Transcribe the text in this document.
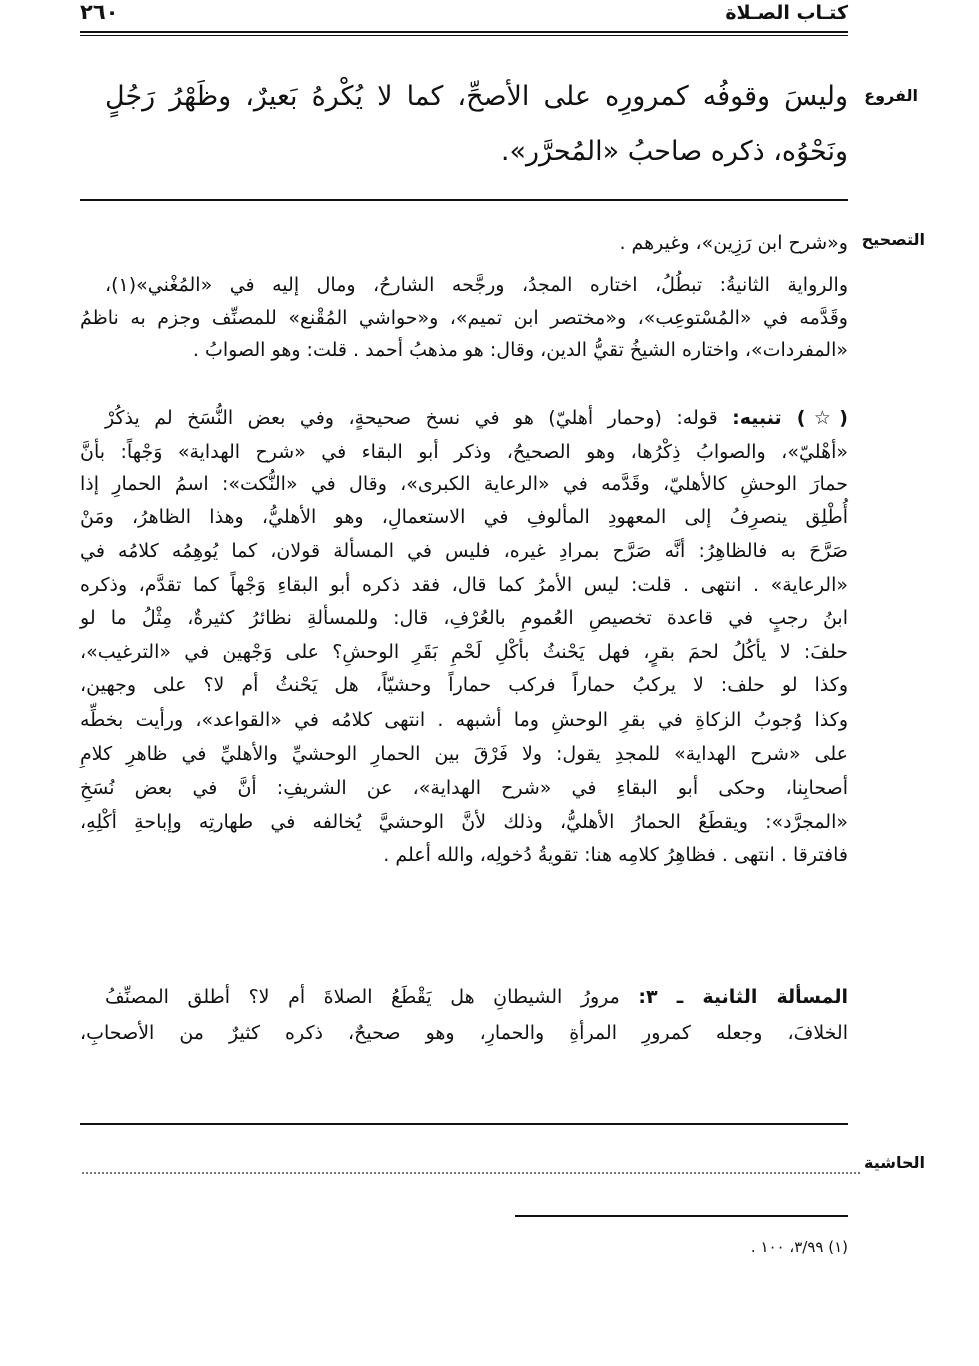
٢٦٠	كتـاب الصـلاة
الفروع
وليسَ وقوفُه كمرورِه على الأصحِّ، كما لا يُكْرهُ بَعيرٌ، وظَهْرُ رَجُلٍ
ونَحْوُه، ذكره صاحبُ «المُحرَّر».
التصحيح
و«شرح ابن رَزِين»، وغيرهم .
والرواية الثانيةُ: تبطُلُ، اختاره المجدُ، ورجَّحه الشارحُ، ومال إليه في «المُغْني»(١)،
وقَدَّمه في «المُسْتوعِب»، و«مختصر ابن تميم»، و«حواشي المُقْنع» للمصنِّف وجزم به ناظمُ
«المفردات»، واختاره الشيخُ تقيُّ الدين، وقال: هو مذهبُ أحمد . قلت: وهو الصوابُ .
(☆) تنبيه: قوله: (وحمار أهليّ) هو في نسخ صحيحةٍ، وفي بعض النُّسَخ لم يذكُرْ
«أهْليّ»، والصوابُ ذِكْرُها، وهو الصحيحُ، وذكر أبو البقاء في «شرح الهداية» وَجْهاً: بأنَّ
حمارَ الوحشِ كالأهليّ، وقَدَّمه في «الرعاية الكبرى»، وقال في «النُّكت»: اسمُ الحمارِ إذا
أُطْلِق ينصرِفُ إلى المعهودِ المألوفِ في الاستعمالِ، وهو الأهليُّ، وهذا الظاهرُ، ومَنْ
صَرَّحَ به فالظاهِرُ: أنَّه صَرَّح بمرادِ غيره، فليس في المسألة قولان، كما يُوهِمُه كلامُه في
«الرعاية» . انتهى . قلت: ليس الأمرُ كما قال، فقد ذكره أبو البقاءِ وَجْهاً كما تقدَّم، وذكره
ابنُ رجبٍ في قاعدة تخصيصِ العُمومِ بالعُرْفِ، قال: وللمسألةِ نظائرُ كثيرةٌ، مِثْلُ ما لو
حلفَ: لا يأكُلُ لحمَ بقرٍ، فهل يَحْنثُ بأكْلِ لَحْمِ بَقَرِ الوحشِ؟ على وَجْهين في «الترغيب»،
وكذا لو حلف: لا يركبُ حماراً فركب حماراً وحشيّاً، هل يَحْنثُ أم لا؟ على وجهين،
وكذا وُجوبُ الزكاةِ في بقرِ الوحشِ وما أشبهه . انتهى كلامُه في «القواعد»، ورأيت بخطِّه
على «شرح الهداية» للمجدِ يقول: ولا فَرْقَ بين الحمارِ الوحشيِّ والأهليِّ في ظاهرِ كلامِ
أصحابِنا، وحكى أبو البقاءِ في «شرح الهداية»، عن الشريفِ: أنَّ في بعض نُسَخِ
«المجرَّد»: ويقطَعُ الحمارُ الأهليُّ، وذلك لأنَّ الوحشيَّ يُخالفه في طهارتِه وإباحةِ أكْلِهِ،
فافترقا . انتهى . فظاهِرُ كلامِه هنا: تقويةُ دُخولِه، والله أعلم .
المسألة الثانية ـ ٣: مرورُ الشيطانِ هل يَقْطَعُ الصلاةَ أم لا؟ أطلق المصنِّفُ
الخلافَ، وجعله كمرورِ المرأةِ والحمارِ، وهو صحيحٌ، ذكره كثيرٌ من الأصحابِ،
الحاشية
(١) ٣/٩٩، ١٠٠ .
